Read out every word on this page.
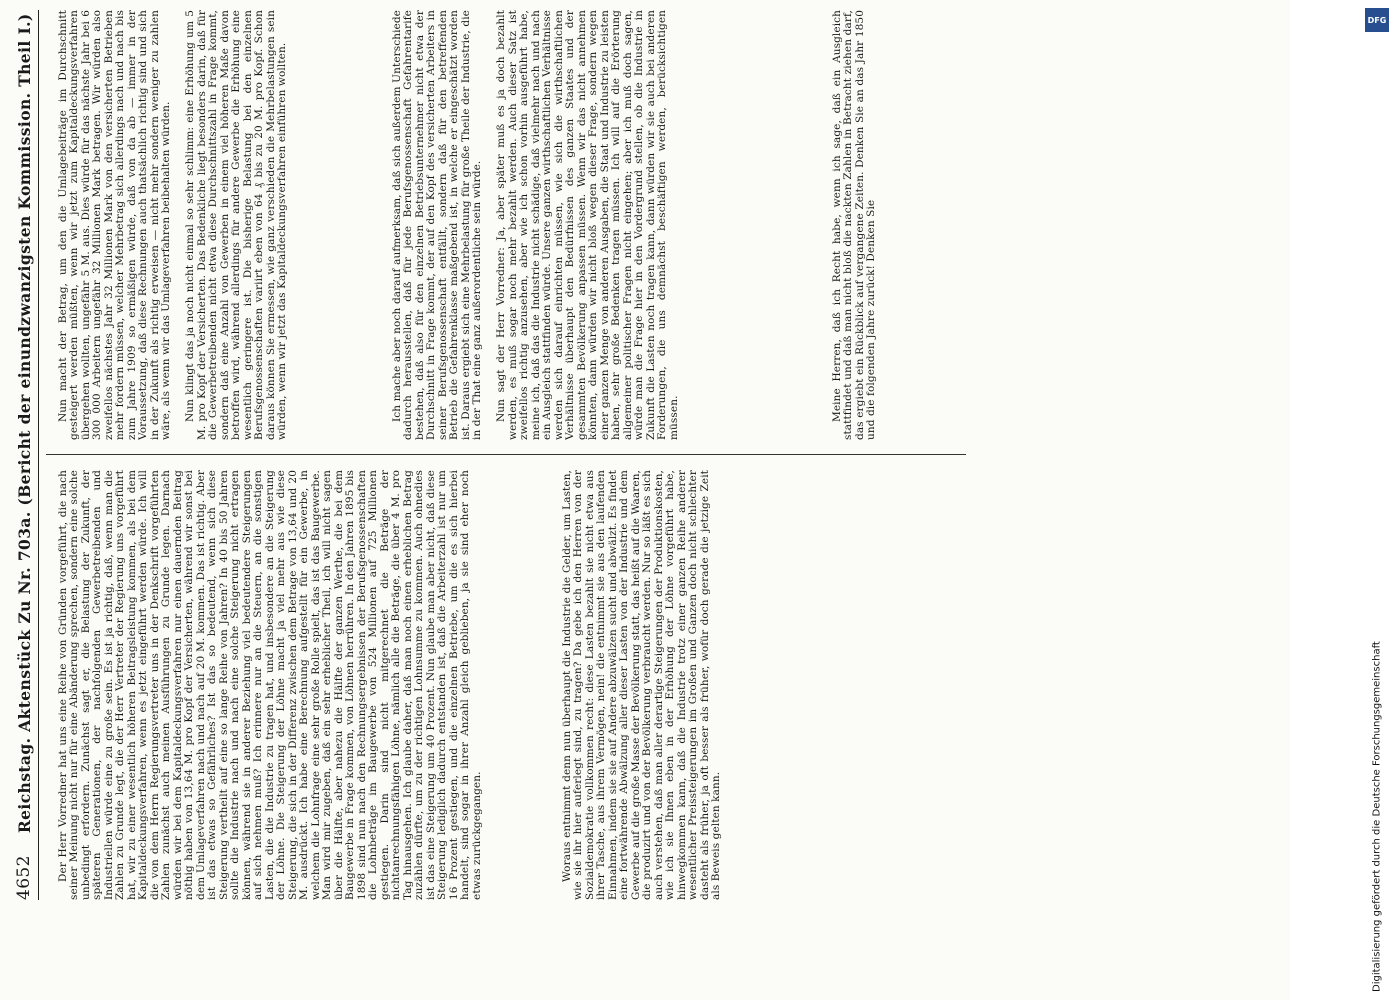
4652
Reichstag. Aktenstück Zu Nr. 703a. (Bericht der einundzwanzigsten Kommission. Theil I.) Der Herr Vorredner hat uns eine Reihe von Gründen vorgeführt, die nach seiner Meinung nicht nur für eine Abänderung sprechen, sondern eine solche unbedingt erfordern. Zunächst sagt er, die Belastung der Zukunft, der späteren Generationen, der nachfolgenden Gewerbetreibenden und Industriellen würde eine zu große sein. Es ist ja richtig, daß, wenn man die Zahlen zu Grunde legt, die der Herr Vertreter der Regierung uns vorgeführt hat, wir zu einer wesentlich höheren Beitragsleistung kommen, als bei dem Kapitaldeckungsverfahren, wenn es jetzt eingeführt werden würde. Ich will die von dem Herrn Regierungsvertreter uns in der Denkschrift vorgeführten Zahlen zunächst auch meinen Ausführungen zu Grunde legen. Darnach würden wir bei dem Kapitaldeckungsverfahren nur einen dauernden Beitrag nöthig haben von 13,64 M. pro Kopf der Versicherten, während wir sonst bei dem Umlageverfahren nach und nach auf 20 M. kommen. Das ist richtig. Aber ist das etwas so Gefährliches? Ist das so bedeutend, wenn sich diese Steigerung vertheilt auf eine so lange Reihe von Jahren? In 40 bis 50 Jahren sollte die Industrie nach und nach eine solche Steigerung nicht ertragen können, während sie in anderer Beziehung viel bedeutendere Steigerungen auf sich nehmen muß? Ich erinnere nur an die Steuern, an die sonstigen Lasten, die die Industrie zu tragen hat, und insbesondere an die Steigerung der Löhne. Die Steigerung der Löhne macht ja viel mehr aus wie diese Steigerung, die sich in der Differenz zwischen dem Betrage von 13,64 und 20 M. ausdrückt. Ich habe eine Berechnung aufgestellt für ein Gewerbe, in welchem die Lohnfrage eine sehr große Rolle spielt, das ist das Baugewerbe. Man wird mir zugeben, daß ein sehr erheblicher Theil, ich will nicht sagen über die Hälfte, aber nahezu die Hälfte der ganzen Werthe, die bei dem Baugewerbe in Frage kommen, von Löhnen herrühren. In den Jahren 1895 bis 1898 sind nun nach den Rechnungsergebnissen der Berufsgenossenschaften die Lohnbeträge im Baugewerbe von 524 Millionen auf 725 Millionen gestiegen. Darin sind nicht mitgerechnet die Beträge der nichtanrechnungsfähigen Löhne, nämlich alle die Beträge, die über 4 M. pro Tag hinausgehen. Ich glaube daher, daß man noch einen erheblichen Betrag zuzählen dürfte, um zu der richtigen Lohnsumme zu kommen. Auch ohnedies ist das eine Steigerung um 40 Prozent. Nun glaube man aber nicht, daß diese Steigerung lediglich dadurch entstanden ist, daß die Arbeiterzahl ist nur um 16 Prozent gestiegen, und die einzelnen Betriebe, um die es sich hierbei handelt, sind sogar in ihrer Anzahl gleich geblieben, ja sie sind eher noch etwas zurückgegangen.	Woraus entnimmt denn nun überhaupt die Industrie die Gelder, um Lasten, wie sie ihr hier auferlegt sind, zu tragen? Da gebe ich den Herren von der Sozialdemokratie vollkommen recht: diese Lasten bezahlt sie nicht etwa aus ihrer Tasche, aus ihrem Vermögen, nein! die entnimmt sie aus den laufenden Einnahmen, indem sie sie auf Andere abzuwälzen sucht und abwälzt. Es findet eine fortwährende Abwälzung aller dieser Lasten von der Industrie und dem Gewerbe auf die große Masse der Bevölkerung statt, das heißt auf die Waaren, die produzirt und von der Bevölkerung verbraucht werden. Nur so läßt es sich auch verstehen, daß man aller derartige Steigerungen der Produktionskosten, wie ich sie Ihnen eben in der Erhöhung der Löhne vorgeführt habe, hinwegkommen kann, daß die Industrie trotz einer ganzen Reihe anderer wesentlicher Preissteigerungen im Großen und Ganzen doch nicht schlechter dasteht als früher, ja oft besser als früher, wofür doch gerade die jetzige Zeit als Beweis gelten kann.

Nun macht der Betrag, um den die Umlagebeiträge im Durchschnitt gesteigert werden müßten, wenn wir jetzt zum Kapitaldeckungsverfahren übergehen wollten, ungefähr 5 M. aus. Dies würde für das nächste Jahr bei 6 300 000 Arbeitern ungefähr 32 Millionen Mark betragen. Wir würden also zweifellos nächstes Jahr 32 Millionen Mark von den versicherten Betrieben mehr fordern müssen, welcher Mehrbetrag sich allerdings nach und nach bis zum Jahre 1909 so ermäßigen würde, daß von da ab — immer in der Voraussetzung, daß diese Rechnungen auch thatsächlich richtig sind und sich in der Zukunft als richtig erweisen — nicht mehr sondern weniger zu zahlen wäre, als wenn wir das Umlageverfahren beibehalten würden. Nun klingt das ja noch nicht einmal so sehr schlimm: eine Erhöhung um 5 M. pro Kopf der Versicherten. Das Bedenkliche liegt besonders darin, daß für die Gewerbetreibenden nicht etwa diese Durchschnittszahl in Frage kommt, sondern daß eine Anzahl von Gewerben in einem viel höheren Maße davon betroffen wird, während allerdings für andere Gewerbe die Erhöhung eine wesentlich geringere ist. Die bisherige Belastung bei den einzelnen Berufsgenossenschaften variirt eben von 64 ₰ bis zu 20 M. pro Kopf. Schon daraus können Sie ermessen, wie ganz verschieden die Mehrbelastungen sein würden, wenn wir jetzt das Kapitaldeckungsverfahren einführen wollten.	Ich mache aber noch darauf aufmerksam, daß sich außerdem Unterschiede dadurch herausstellen, daß für jede Berufsgenossenschaft Gefahrentarife bestehen, daß also für den einzelnen Betriebsunternehmer nicht etwa der Durchschnitt in Frage kommt, der auf den Kopf des versicherten Arbeiters in seiner Berufsgenossenschaft entfällt, sondern daß für den betreffenden Betrieb die Gefahrenklasse maßgebend ist, in welche er eingeschätzt worden ist. Daraus ergiebt sich eine Mehrbelastung für große Theile der Industrie, die in der That eine ganz außerordentliche sein würde. Nun sagt der Herr Vorredner: Ja, aber später muß es ja doch bezahlt werden, es muß sogar noch mehr bezahlt werden. Auch dieser Satz ist zweifellos richtig anzusehen, aber wie ich schon vorhin ausgeführt habe, meine ich, daß das die Industrie nicht schädige, daß vielmehr nach und nach ein Ausgleich stattfinden würde. Unsere ganzen wirthschaftlichen Verhältnisse werden sich darauf einrichten müssen, wie sich die wirthschaftlichen Verhältnisse überhaupt den Bedürfnissen des ganzen Staates und der gesammten Bevölkerung anpassen müssen. Wenn wir das nicht annehmen könnten, dann würden wir nicht bloß wegen dieser Frage, sondern wegen einer ganzen Menge von anderen Ausgaben, die Staat und Industrie zu leisten haben, sehr große Bedenken tragen müssen. Ich will auf die Erörterung allgemeiner politischer Fragen nicht eingehen; aber ich muß doch sagen, würde man die Frage hier in den Vordergrund stellen, ob die Industrie in Zukunft die Lasten noch tragen kann, dann würden wir sie auch bei anderen Forderungen, die uns demnächst beschäftigen werden, berücksichtigen müssen.	Meine Herren, daß ich Recht habe, wenn ich sage, daß ein Ausgleich stattfindet und daß man nicht bloß die nackten Zahlen in Betracht ziehen darf, das ergiebt ein Rückblick auf vergangene Zeiten. Denken Sie an das Jahr 1850 und die folgenden Jahre zurück! Denken Sie

DFG
Digitalisierung gefördert durch die Deutsche Forschungsgemeinschaft
